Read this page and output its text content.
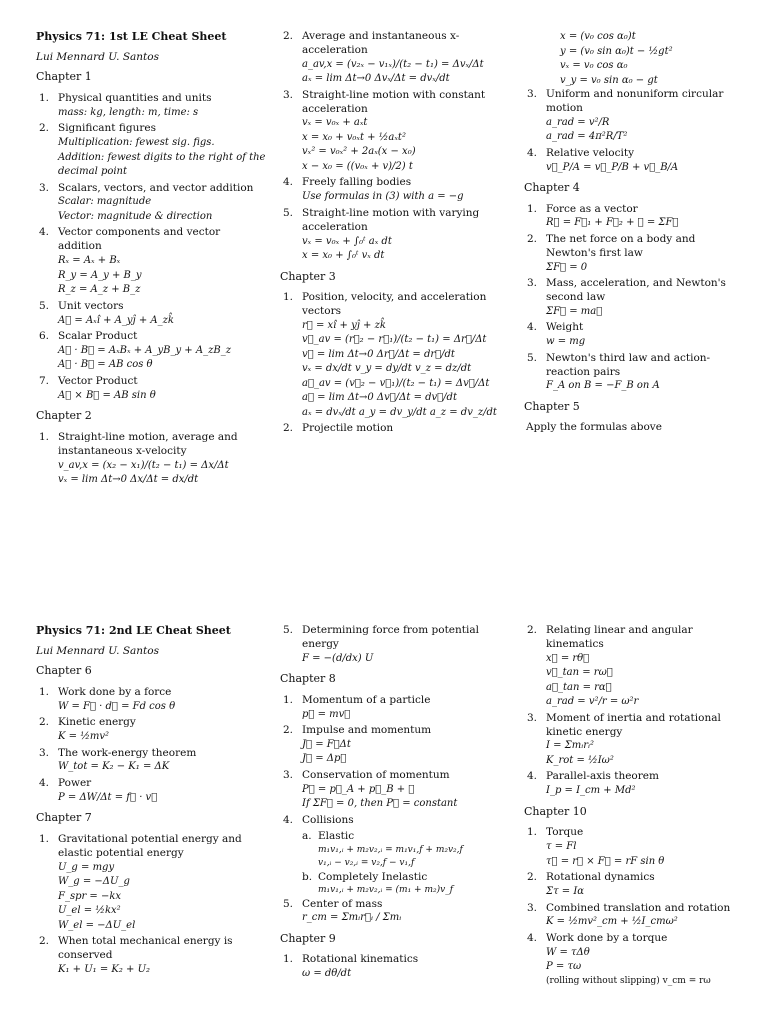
Physics 71: 1st LE Cheat Sheet
Lui Mennard U. Santos
Chapter 1
1. Physical quantities and units
mass: kg, length: m, time: s
2. Significant figures
Multiplication: fewest sig. figs.
Addition: fewest digits to the right of the decimal point
3. Scalars, vectors, and vector addition
Scalar: magnitude
Vector: magnitude & direction
4. Vector components and vector addition
Rₓ = Aₓ + Bₓ
R_y = A_y + B_y
R_z = A_z + B_z
5. Unit vectors
A⃗ = Aₓî + A_yĵ + A_zk̂
6. Scalar Product
A⃗ · B⃗ = AₓBₓ + A_yB_y + A_zB_z
A⃗ · B⃗ = AB cos θ
7. Vector Product
A⃗ × B⃗ = AB sin θ
Chapter 2
1. Straight-line motion, average and instantaneous x-velocity
v_av,x = (x₂ − x₁)/(t₂ − t₁) = Δx/Δt
vₓ = lim Δt→0 Δx/Δt = dx/dt
2. Average and instantaneous x-acceleration
a_av,x = (v₂ₓ − v₁ₓ)/(t₂ − t₁) = Δvₓ/Δt
aₓ = lim Δt→0 Δvₓ/Δt = dvₓ/dt
3. Straight-line motion with constant acceleration
vₓ = v₀ₓ + aₓt
x = x₀ + v₀ₓt + ½aₓt²
vₓ² = v₀ₓ² + 2aₓ(x − x₀)
x − x₀ = ((v₀ₓ + v)/2) t
4. Freely falling bodies
Use formulas in (3) with a = −g
5. Straight-line motion with varying acceleration
vₓ = v₀ₓ + ∫₀ᵗ aₓ dt
x = x₀ + ∫₀ᵗ vₓ dt
Chapter 3
1. Position, velocity, and acceleration vectors
r⃗ = xî + yĵ + zk̂
v⃗_av = (r⃗₂ − r⃗₁)/(t₂ − t₁) = Δr⃗/Δt
v⃗ = lim Δt→0 Δr⃗/Δt = dr⃗/dt
vₓ = dx/dt v_y = dy/dt v_z = dz/dt
a⃗_av = (v⃗₂ − v⃗₁)/(t₂ − t₁) = Δv⃗/Δt
a⃗ = lim Δt→0 Δv⃗/Δt = dv⃗/dt
aₓ = dvₓ/dt a_y = dv_y/dt a_z = dv_z/dt
2. Projectile motion
x = (v₀ cos α₀)t
y = (v₀ sin α₀)t − ½gt²
vₓ = v₀ cos α₀
v_y = v₀ sin α₀ − gt
3. Uniform and nonuniform circular motion
a_rad = v²/R
a_rad = 4π²R/T²
4. Relative velocity
v⃗_P/A = v⃗_P/B + v⃗_B/A
Chapter 4
1. Force as a vector
R⃗ = F⃗₁ + F⃗₂ + ⋯ = ΣF⃗
2. The net force on a body and Newton's first law
ΣF⃗ = 0
3. Mass, acceleration, and Newton's second law
ΣF⃗ = ma⃗
4. Weight
w = mg
5. Newton's third law and action-reaction pairs
F_A on B = −F_B on A
Chapter 5
Apply the formulas above
Physics 71: 2nd LE Cheat Sheet
Lui Mennard U. Santos
Chapter 6
1. Work done by a force
W = F⃗ · d⃗ = Fd cos θ
2. Kinetic energy
K = ½mv²
3. The work-energy theorem
W_tot = K₂ − K₁ = ΔK
4. Power
P = ΔW/Δt = f⃗ · v⃗
Chapter 7
1. Gravitational potential energy and elastic potential energy
U_g = mgy
W_g = −ΔU_g
F_spr = −kx
U_el = ½kx²
W_el = −ΔU_el
2. When total mechanical energy is conserved
K₁ + U₁ = K₂ + U₂
5. Determining force from potential energy
F = −(d/dx) U
Chapter 8
1. Momentum of a particle
p⃗ = mv⃗
2. Impulse and momentum
J⃗ = F⃗Δt
J⃗ = Δp⃗
3. Conservation of momentum
P⃗ = p⃗_A + p⃗_B + ⋯
If ΣF⃗ = 0, then P⃗ = constant
4. Collisions
a. Elastic
m₁v₁,ᵢ + m₂v₂,ᵢ = m₁v₁,f + m₂v₂,f
v₁,ᵢ − v₂,ᵢ = v₂,f − v₁,f
b. Completely Inelastic
m₁v₁,ᵢ + m₂v₂,ᵢ = (m₁ + m₂)v_f
5. Center of mass
r_cm = Σmᵢr⃗ᵢ / Σmᵢ
Chapter 9
1. Rotational kinematics
ω = dθ/dt
2. Relating linear and angular kinematics
x⃗ = rθ⃗
v⃗_tan = rω⃗
a⃗_tan = rα⃗
a_rad = v²/r = ω²r
3. Moment of inertia and rotational kinetic energy
I = Σmᵢrᵢ²
K_rot = ½Iω²
4. Parallel-axis theorem
I_p = I_cm + Md²
Chapter 10
1. Torque
τ = Fl
τ⃗ = r⃗ × F⃗ = rF sin θ
2. Rotational dynamics
Στ = Iα
3. Combined translation and rotation
K = ½mv²_cm + ½I_cmω²
4. Work done by a torque
W = τΔθ
P = τω
(rolling without slipping) v_cm = rω
